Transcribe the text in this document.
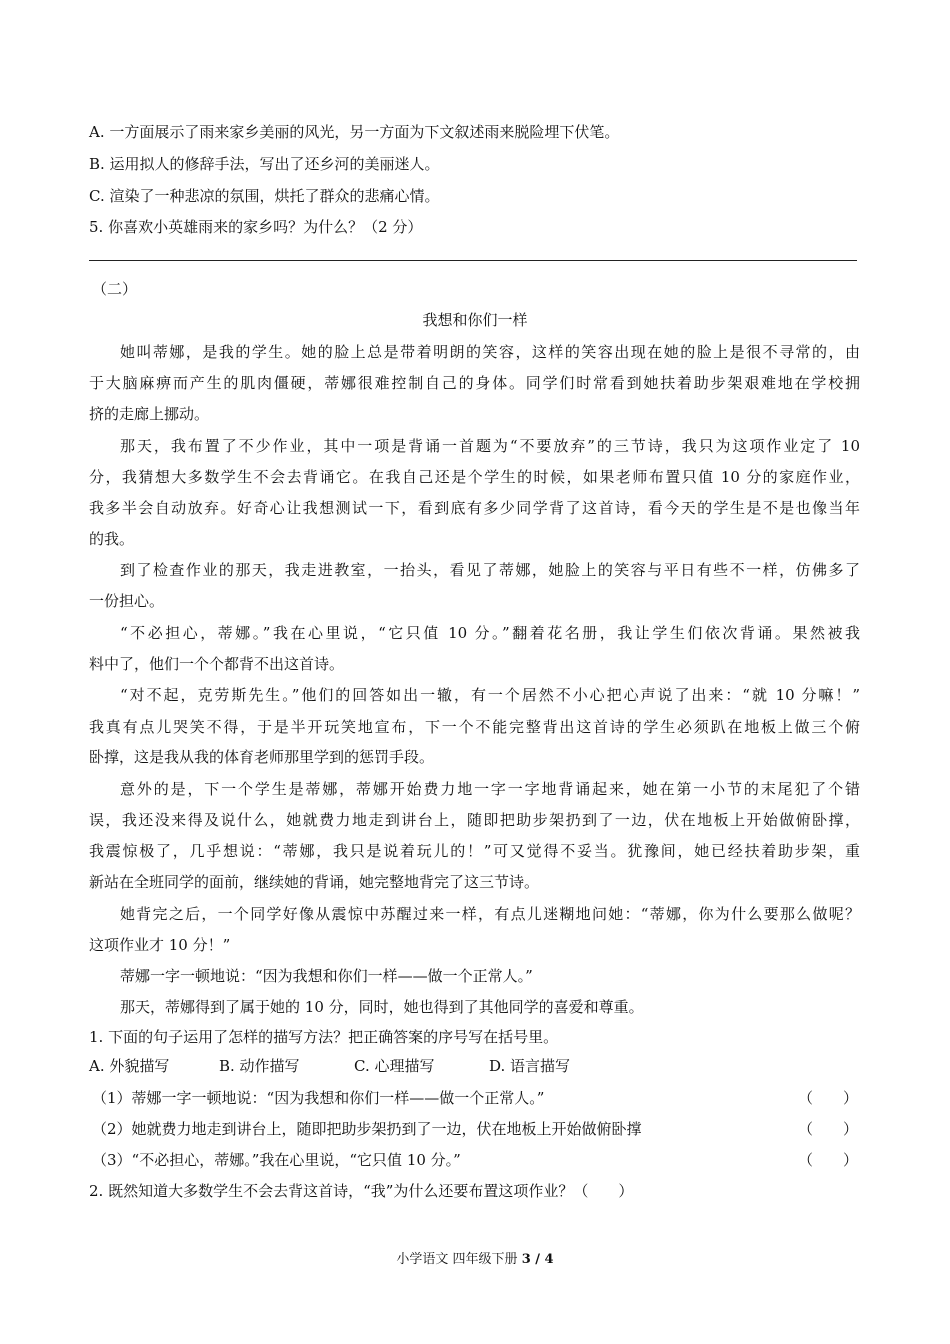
A. 一方面展示了雨来家乡美丽的风光，另一方面为下文叙述雨来脱险埋下伏笔。
B. 运用拟人的修辞手法，写出了还乡河的美丽迷人。
C. 渲染了一种悲凉的氛围，烘托了群众的悲痛心情。
5. 你喜欢小英雄雨来的家乡吗？为什么？（2 分）
（二）
我想和你们一样
她叫蒂娜，是我的学生。她的脸上总是带着明朗的笑容，这样的笑容出现在她的脸上是很不寻常的，由
于大脑麻痹而产生的肌肉僵硬，蒂娜很难控制自己的身体。同学们时常看到她扶着助步架艰难地在学校拥
挤的走廊上挪动。
那天，我布置了不少作业，其中一项是背诵一首题为“不要放弃”的三节诗，我只为这项作业定了 10
分，我猜想大多数学生不会去背诵它。在我自己还是个学生的时候，如果老师布置只值 10 分的家庭作业，
我多半会自动放弃。好奇心让我想测试一下，看到底有多少同学背了这首诗，看今天的学生是不是也像当年
的我。
到了检查作业的那天，我走进教室，一抬头，看见了蒂娜，她脸上的笑容与平日有些不一样，仿佛多了
一份担心。
“不必担心，蒂娜。”我在心里说，“它只值 10 分。”翻着花名册，我让学生们依次背诵。果然被我
料中了，他们一个个都背不出这首诗。
“对不起，克劳斯先生。”他们的回答如出一辙，有一个居然不小心把心声说了出来：“就 10 分嘛！”
我真有点儿哭笑不得，于是半开玩笑地宣布，下一个不能完整背出这首诗的学生必须趴在地板上做三个俯
卧撑，这是我从我的体育老师那里学到的惩罚手段。
意外的是，下一个学生是蒂娜，蒂娜开始费力地一字一字地背诵起来，她在第一小节的末尾犯了个错
误，我还没来得及说什么，她就费力地走到讲台上，随即把助步架扔到了一边，伏在地板上开始做俯卧撑，
我震惊极了，几乎想说：“蒂娜，我只是说着玩儿的！”可又觉得不妥当。犹豫间，她已经扶着助步架，重
新站在全班同学的面前，继续她的背诵，她完整地背完了这三节诗。
她背完之后，一个同学好像从震惊中苏醒过来一样，有点儿迷糊地问她：“蒂娜，你为什么要那么做呢？
这项作业才 10 分！”
蒂娜一字一顿地说：“因为我想和你们一样——做一个正常人。”
那天，蒂娜得到了属于她的 10 分，同时，她也得到了其他同学的喜爱和尊重。
1. 下面的句子运用了怎样的描写方法？把正确答案的序号写在括号里。
A. 外貌描写	B. 动作描写	C. 心理描写	D. 语言描写
（1）蒂娜一字一顿地说：“因为我想和你们一样——做一个正常人。”	（　　）
（2）她就费力地走到讲台上，随即把助步架扔到了一边，伏在地板上开始做俯卧撑	（　　）
（3）“不必担心，蒂娜。”我在心里说，“它只值 10 分。”	（　　）
2. 既然知道大多数学生不会去背这首诗，“我”为什么还要布置这项作业？（　　）
小学语文 四年级下册 3 / 4
